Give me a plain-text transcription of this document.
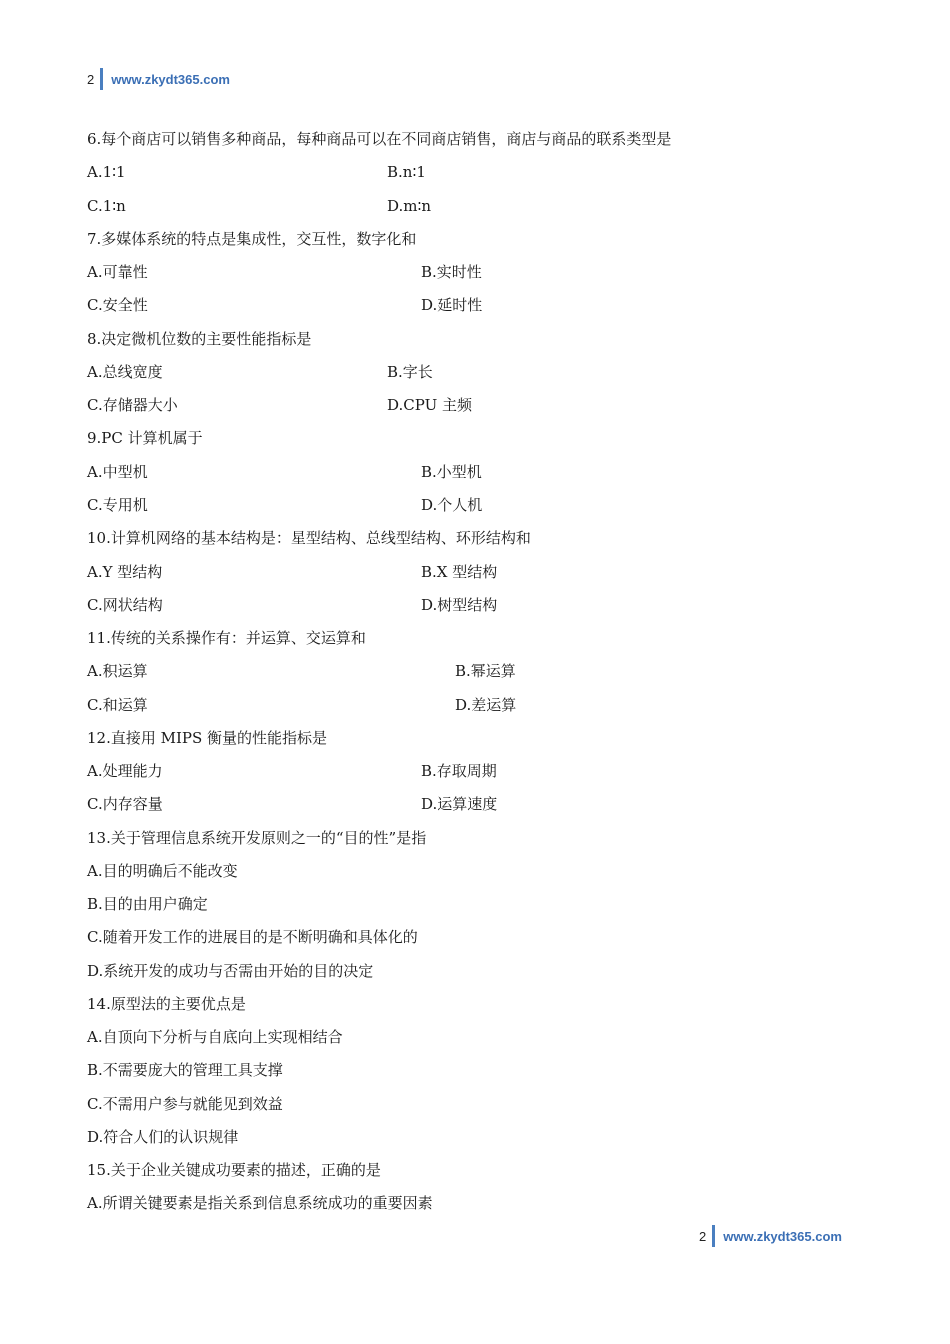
2 www.zkydt365.com
6.每个商店可以销售多种商品，每种商品可以在不同商店销售，商店与商品的联系类型是
A.1∶1	B.n∶1
C.1∶n	D.m∶n
7.多媒体系统的特点是集成性，交互性，数字化和
A.可靠性	B.实时性
C.安全性	D.延时性
8.决定微机位数的主要性能指标是
A.总线宽度	B.字长
C.存储器大小	D.CPU 主频
9.PC 计算机属于
A.中型机	B.小型机
C.专用机	D.个人机
10.计算机网络的基本结构是：星型结构、总线型结构、环形结构和
A.Y 型结构	B.X 型结构
C.网状结构	D.树型结构
11.传统的关系操作有：并运算、交运算和
A.积运算	B.幂运算
C.和运算	D.差运算
12.直接用 MIPS 衡量的性能指标是
A.处理能力	B.存取周期
C.内存容量	D.运算速度
13.关于管理信息系统开发原则之一的“目的性”是指
A.目的明确后不能改变
B.目的由用户确定
C.随着开发工作的进展目的是不断明确和具体化的
D.系统开发的成功与否需由开始的目的决定
14.原型法的主要优点是
A.自顶向下分析与自底向上实现相结合
B.不需要庞大的管理工具支撑
C.不需用户参与就能见到效益
D.符合人们的认识规律
15.关于企业关键成功要素的描述，正确的是
A.所谓关键要素是指关系到信息系统成功的重要因素
2 www.zkydt365.com
